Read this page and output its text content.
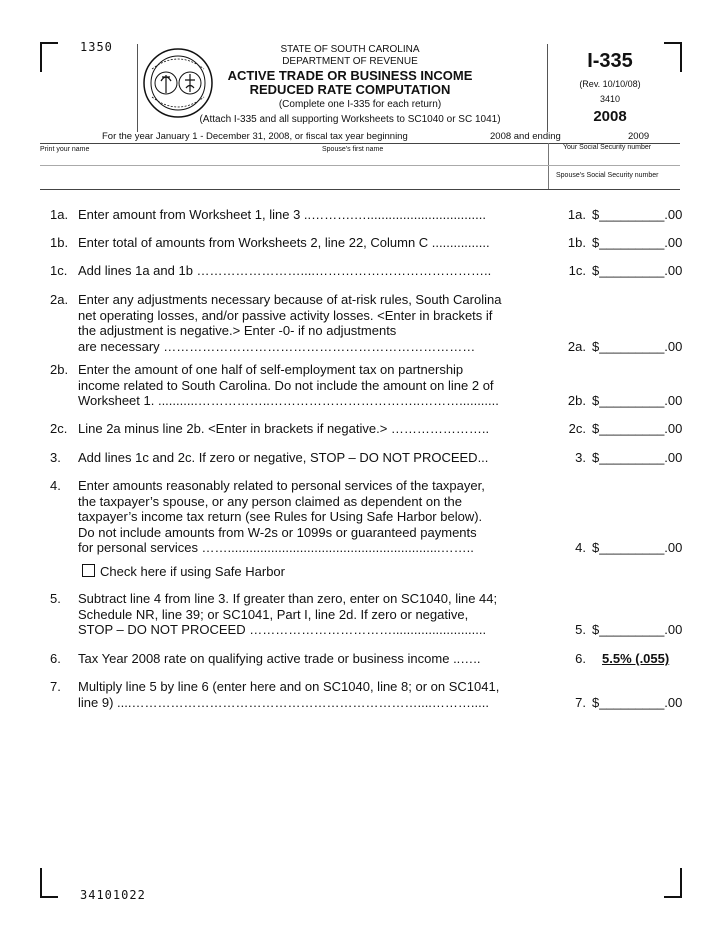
1350
34101022
STATE OF SOUTH CAROLINA
DEPARTMENT OF REVENUE
ACTIVE TRADE OR BUSINESS INCOME
REDUCED RATE COMPUTATION
(Complete one I-335 for each return)
(Attach I-335 and all supporting Worksheets to SC1040 or SC 1041)
I-335
(Rev. 10/10/08)
3410
2008
For the year January 1 - December 31, 2008, or fiscal tax year beginning	2008 and ending	2009
Print your name	Spouse's first name	Your Social Security number
Spouse's Social Security number
1a. Enter amount from Worksheet 1, line 3 ..……….….................................	1a. $_________.00
1b. Enter total of amounts from Worksheets 2, line 22, Column C ................	1b. $_________.00
1c. Add lines 1a and 1b ……………………....…………………………………..	1c. $_________.00
2a. Enter any adjustments necessary because of at-risk rules, South Carolina
net operating losses, and/or passive activity losses. <Enter in brackets if
the adjustment is negative.> Enter -0- if no adjustments
are necessary ………………………………………………………………	2a. $_________.00
2b. Enter the amount of one half of self-employment tax on partnership
income related to South Carolina. Do not include the amount on line 2 of
Worksheet 1. ...........……………..……………………………..………...........	2b. $_________.00
2c. Line 2a minus line 2b. <Enter in brackets if negative.> …………………..	2c. $_________.00
3.	Add lines 1c and 2c. If zero or negative, STOP – DO NOT PROCEED...	3. $_________.00
4.	Enter amounts reasonably related to personal services of the taxpayer,
the taxpayer’s spouse, or any person claimed as dependent on the
taxpayer’s income tax return (see Rules for Using Safe Harbor below).
Do not include amounts from W-2s or 1099s or guaranteed payments
for personal services ……...........................................................……..	4. $_________.00
Check here if using Safe Harbor
5.	Subtract line 4 from line 3. If greater than zero, enter on SC1040, line 44;
Schedule NR, line 39; or SC1041, Part I, line 2d. If zero or negative,
STOP – DO NOT PROCEED ……………………………..........................	5. $_________.00
6.	Tax Year 2008 rate on qualifying active trade or business income ..…..	6. 5.5% (.055)
7.	Multiply line 5 by line 6 (enter here and on SC1040, line 8; or on SC1041,
line 9) ....…………………………………………………………....……….....	7. $_________.00
